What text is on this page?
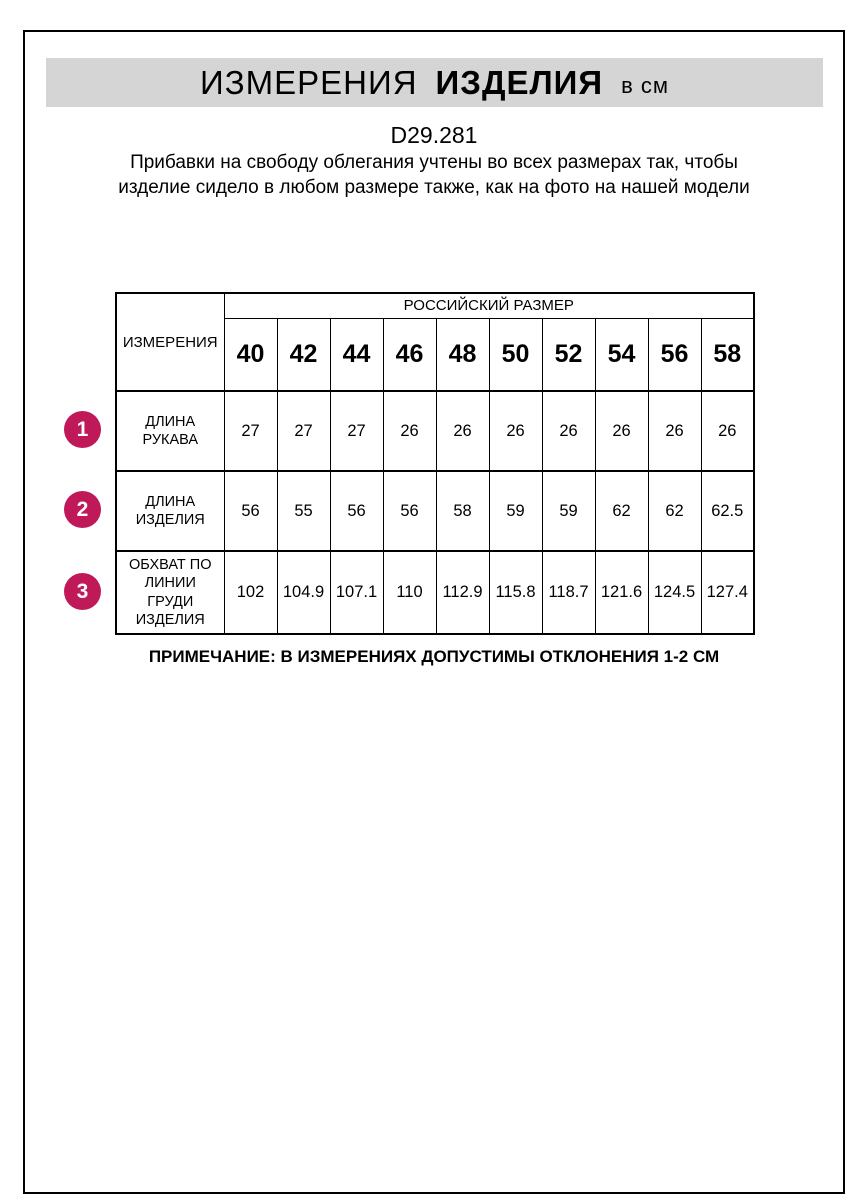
ИЗМЕРЕНИЯ ИЗДЕЛИЯ в см
D29.281
Прибавки на свободу облегания учтены во всех размерах так, чтобы изделие сидело в любом размере также, как на фото на нашей модели
ИЗМЕРЕНИЯ	РОССИЙСКИЙ РАЗМЕР									
	40	42	44	46	48	50	52	54	56	58
ДЛИНА РУКАВА	27	27	27	26	26	26	26	26	26	26
ДЛИНА ИЗДЕЛИЯ	56	55	56	56	58	59	59	62	62	62.5
ОБХВАТ ПО ЛИНИИ ГРУДИ ИЗДЕЛИЯ	102	104.9	107.1	110	112.9	115.8	118.7	121.6	124.5	127.4
1
2
3
ПРИМЕЧАНИЕ: В ИЗМЕРЕНИЯХ ДОПУСТИМЫ ОТКЛОНЕНИЯ 1-2 СМ
